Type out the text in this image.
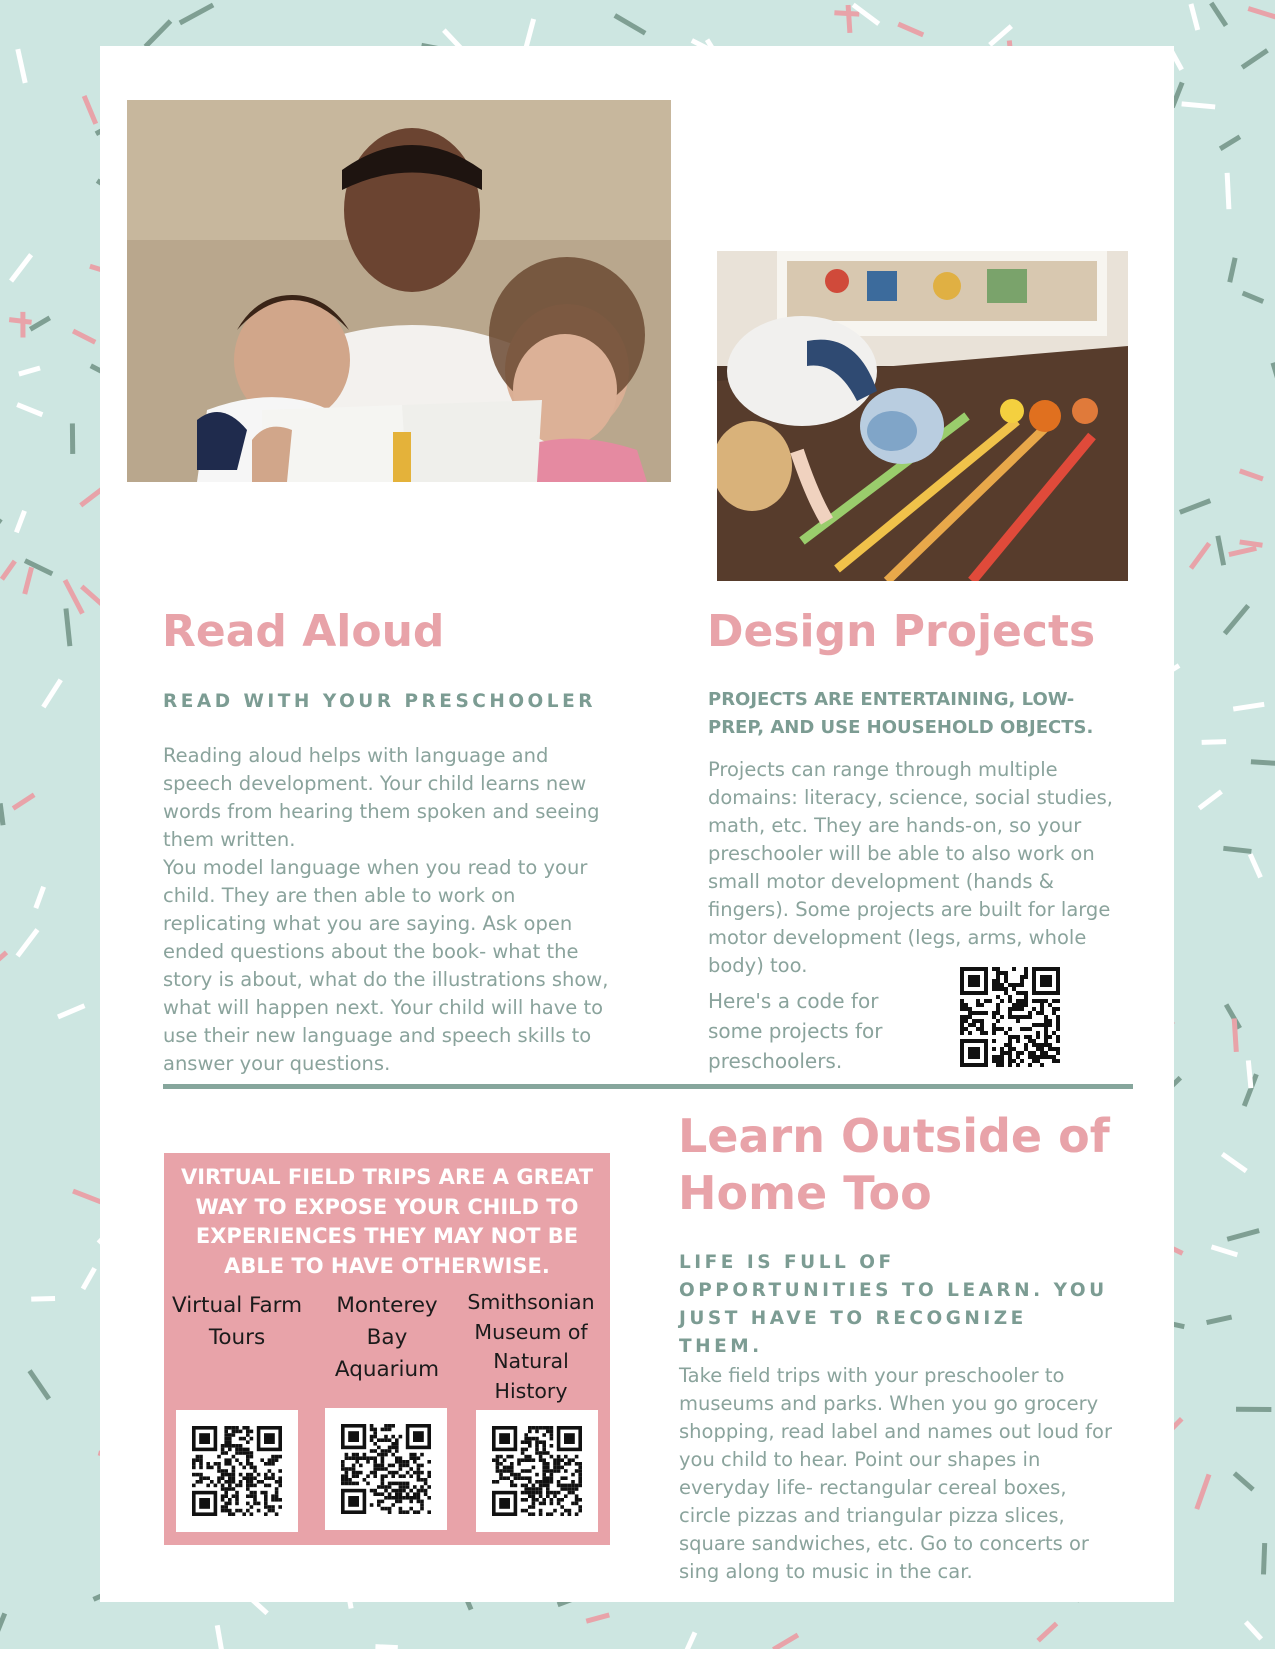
Read Aloud
READ WITH YOUR PRESCHOOLER

Reading aloud helps with language and speech development. Your child learns new words from hearing them spoken and seeing them written.
You model language when you read to your child. They are then able to work on replicating what you are saying. Ask open ended questions about the book- what the story is about, what do the illustrations show, what will happen next. Your child will have to use their new language and speech skills to answer your questions.

Design Projects
PROJECTS ARE ENTERTAINING, LOW-PREP, AND USE HOUSEHOLD OBJECTS.

Projects can range through multiple domains: literacy, science, social studies, math, etc. They are hands-on, so your preschooler will be able to also work on small motor development (hands & fingers). Some projects are built for large motor development (legs, arms, whole body) too.

Here's a code for some projects for preschoolers.

VIRTUAL FIELD TRIPS ARE A GREAT WAY TO EXPOSE YOUR CHILD TO EXPERIENCES THEY MAY NOT BE ABLE TO HAVE OTHERWISE.

Virtual Farm Tours

Monterey Bay Aquarium

Smithsonian Museum of Natural History

Learn Outside of Home Too
LIFE IS FULL OF OPPORTUNITIES TO LEARN. YOU JUST HAVE TO RECOGNIZE THEM.

Take field trips with your preschooler to museums and parks. When you go grocery shopping, read label and names out loud for you child to hear. Point our shapes in everyday life- rectangular cereal boxes, circle pizzas and triangular pizza slices, square sandwiches, etc. Go to concerts or sing along to music in the car.
